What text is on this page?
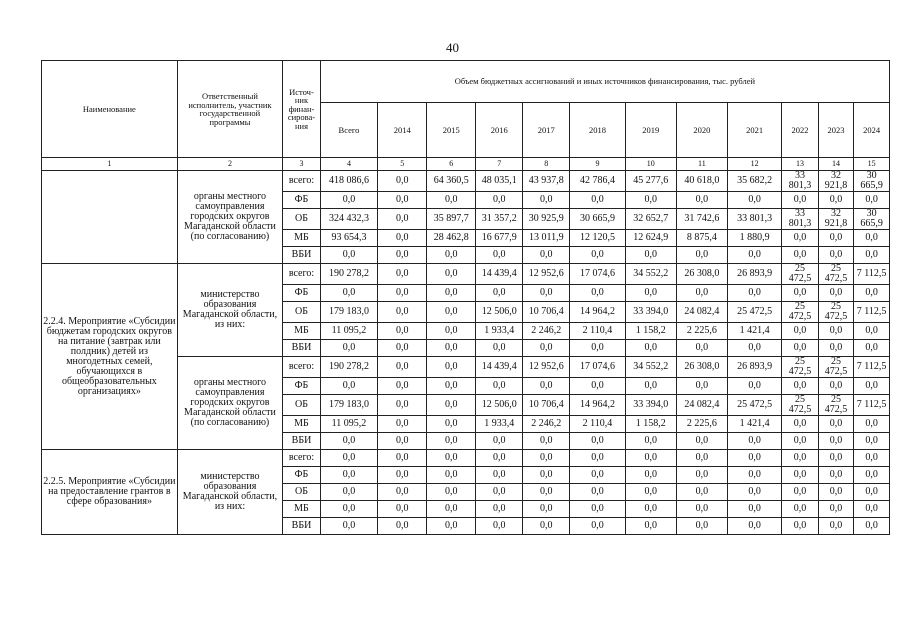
40
Наименование	Ответственный исполнитель, участник государственной программы	Источ-ник финан-сирова-ния	Объем бюджетных ассигнований и иных источников финансирования, тыс. рублей											
			Всего	2014	2015	2016	2017	2018	2019	2020	2021	2022	2023	2024
1	2	3	4	5	6	7	8	9	10	11	12	13	14	15
	органы местного самоуправления городских округов Магаданской области (по согласованию)	всего:	418 086,6	0,0	64 360,5	48 035,1	43 937,8	42 786,4	45 277,6	40 618,0	35 682,2	33 801,3	32 921,8	30 665,9
		ФБ	0,0	0,0	0,0	0,0	0,0	0,0	0,0	0,0	0,0	0,0	0,0	0,0
		ОБ	324 432,3	0,0	35 897,7	31 357,2	30 925,9	30 665,9	32 652,7	31 742,6	33 801,3	33 801,3	32 921,8	30 665,9
		МБ	93 654,3	0,0	28 462,8	16 677,9	13 011,9	12 120,5	12 624,9	8 875,4	1 880,9	0,0	0,0	0,0
		ВБИ	0,0	0,0	0,0	0,0	0,0	0,0	0,0	0,0	0,0	0,0	0,0	0,0
2.2.4. Мероприятие «Субсидии бюджетам городских округов на питание (завтрак или полдник) детей из многодетных семей, обучающихся в общеобразовательных организациях»	министерство образования Магаданской области, из них:	всего:	190 278,2	0,0	0,0	14 439,4	12 952,6	17 074,6	34 552,2	26 308,0	26 893,9	25 472,5	25 472,5	7 112,5
		ФБ	0,0	0,0	0,0	0,0	0,0	0,0	0,0	0,0	0,0	0,0	0,0	0,0
		ОБ	179 183,0	0,0	0,0	12 506,0	10 706,4	14 964,2	33 394,0	24 082,4	25 472,5	25 472,5	25 472,5	7 112,5
		МБ	11 095,2	0,0	0,0	1 933,4	2 246,2	2 110,4	1 158,2	2 225,6	1 421,4	0,0	0,0	0,0
		ВБИ	0,0	0,0	0,0	0,0	0,0	0,0	0,0	0,0	0,0	0,0	0,0	0,0
	органы местного самоуправления городских округов Магаданской области (по согласованию)	всего:	190 278,2	0,0	0,0	14 439,4	12 952,6	17 074,6	34 552,2	26 308,0	26 893,9	25 472,5	25 472,5	7 112,5
		ФБ	0,0	0,0	0,0	0,0	0,0	0,0	0,0	0,0	0,0	0,0	0,0	0,0
		ОБ	179 183,0	0,0	0,0	12 506,0	10 706,4	14 964,2	33 394,0	24 082,4	25 472,5	25 472,5	25 472,5	7 112,5
		МБ	11 095,2	0,0	0,0	1 933,4	2 246,2	2 110,4	1 158,2	2 225,6	1 421,4	0,0	0,0	0,0
		ВБИ	0,0	0,0	0,0	0,0	0,0	0,0	0,0	0,0	0,0	0,0	0,0	0,0
2.2.5. Мероприятие «Субсидии на предоставление грантов в сфере образования»	министерство образования Магаданской области, из них:	всего:	0,0	0,0	0,0	0,0	0,0	0,0	0,0	0,0	0,0	0,0	0,0	0,0
		ФБ	0,0	0,0	0,0	0,0	0,0	0,0	0,0	0,0	0,0	0,0	0,0	0,0
		ОБ	0,0	0,0	0,0	0,0	0,0	0,0	0,0	0,0	0,0	0,0	0,0	0,0
		МБ	0,0	0,0	0,0	0,0	0,0	0,0	0,0	0,0	0,0	0,0	0,0	0,0
		ВБИ	0,0	0,0	0,0	0,0	0,0	0,0	0,0	0,0	0,0	0,0	0,0	0,0
